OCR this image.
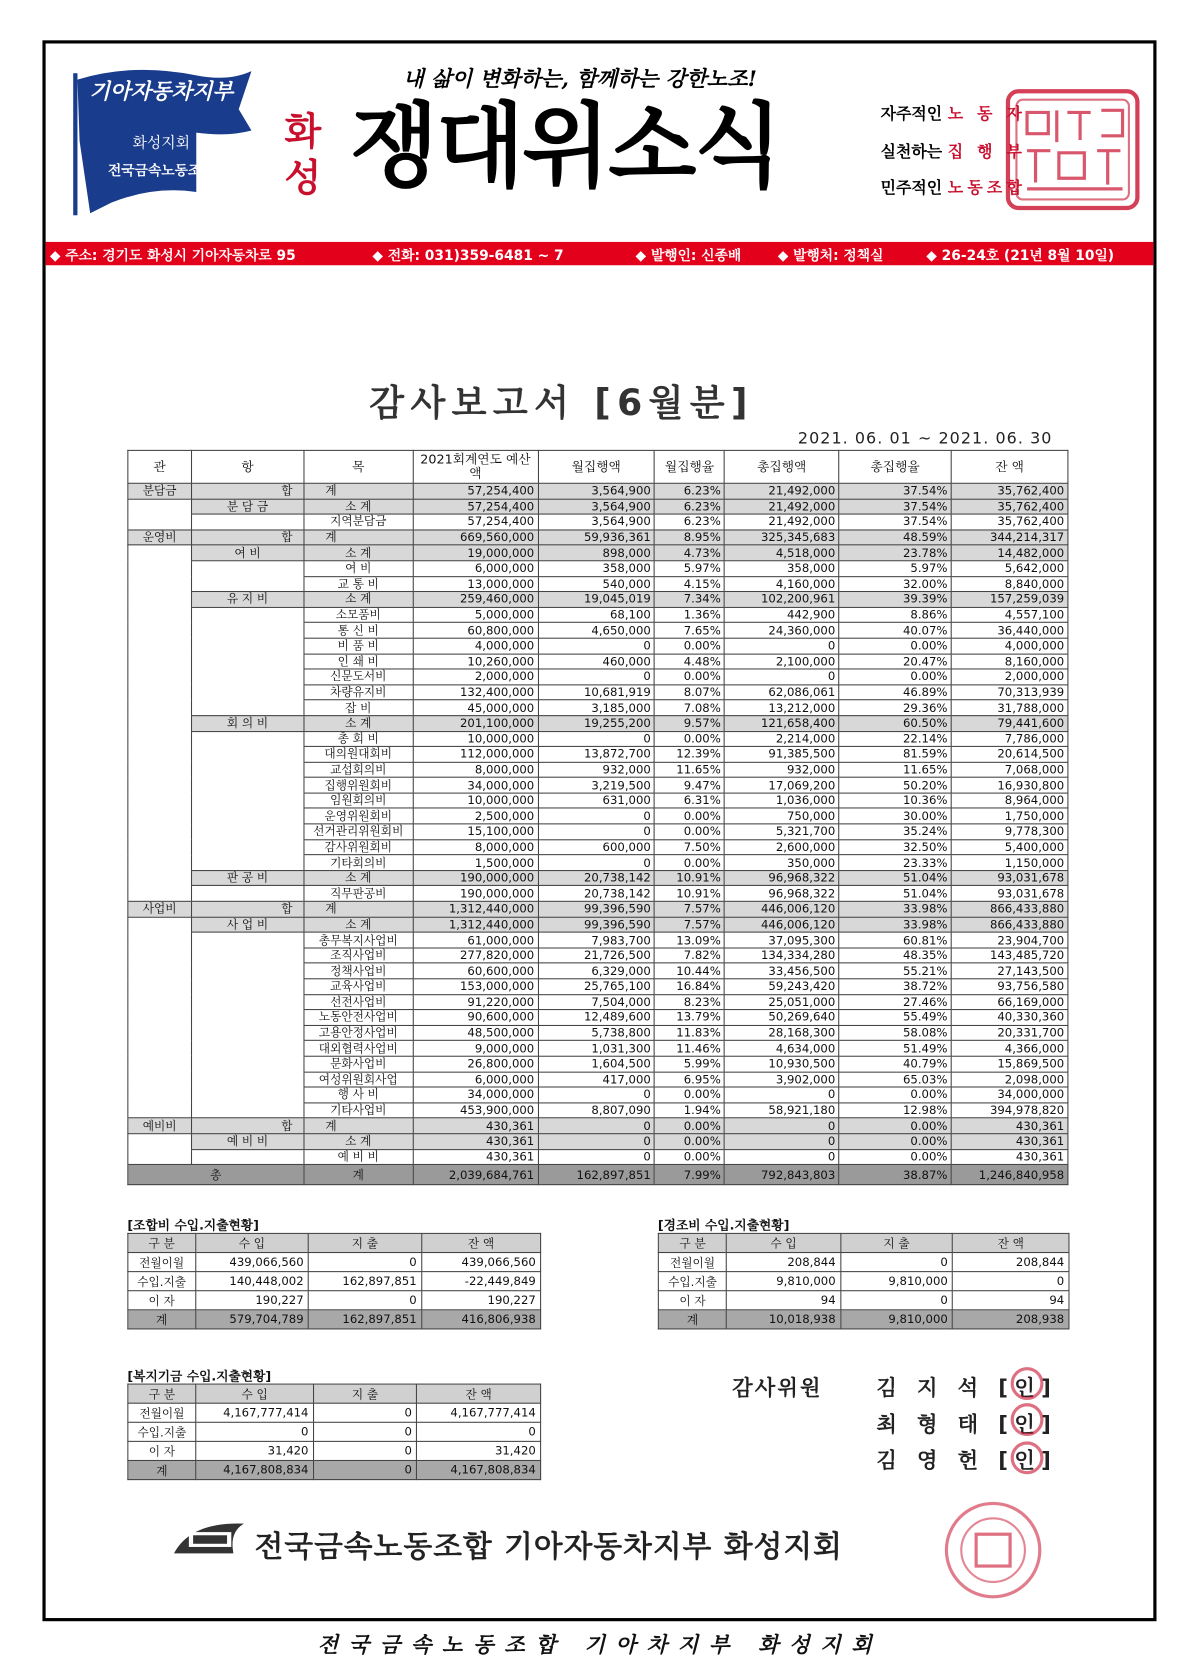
기아자동차지부
화성지회
전국금속노동조합
내 삶이 변화하는, 함께하는 강한노조!
화
성 쟁대위소식	자주적인 노 동 자
실천하는 집 행 부
민주적인 노동조합
◆ 주소: 경기도 화성시 기아자동차로 95	◆ 전화: 031)359-6481 ~ 7	◆ 발행인: 신종배	◆ 발행처: 정책실	◆ 26-24호 (21년 8월 10일)
감사보고서 [6월분]
2021. 06. 01 ~ 2021. 06. 30
관	항	목	2021회계연도 예산액	월집행액	월집행율	총집행액	총집행율	잔 액
분담금	합	계	57,254,400	3,564,900	6.23%	21,492,000	37.54%	35,762,400
	분 담 금	소 계	57,254,400	3,564,900	6.23%	21,492,000	37.54%	35,762,400
		지역분담금	57,254,400	3,564,900	6.23%	21,492,000	37.54%	35,762,400
운영비	합	계	669,560,000	59,936,361	8.95%	325,345,683	48.59%	344,214,317
	여 비	소 계	19,000,000	898,000	4.73%	4,518,000	23.78%	14,482,000
		여 비	6,000,000	358,000	5.97%	358,000	5.97%	5,642,000
		교 통 비	13,000,000	540,000	4.15%	4,160,000	32.00%	8,840,000
	유 지 비	소 계	259,460,000	19,045,019	7.34%	102,200,961	39.39%	157,259,039
		소모품비	5,000,000	68,100	1.36%	442,900	8.86%	4,557,100
		통 신 비	60,800,000	4,650,000	7.65%	24,360,000	40.07%	36,440,000
		비 품 비	4,000,000	0	0.00%	0	0.00%	4,000,000
		인 쇄 비	10,260,000	460,000	4.48%	2,100,000	20.47%	8,160,000
		신문도서비	2,000,000	0	0.00%	0	0.00%	2,000,000
		차량유지비	132,400,000	10,681,919	8.07%	62,086,061	46.89%	70,313,939
		잡 비	45,000,000	3,185,000	7.08%	13,212,000	29.36%	31,788,000
	회 의 비	소 계	201,100,000	19,255,200	9.57%	121,658,400	60.50%	79,441,600
		총 회 비	10,000,000	0	0.00%	2,214,000	22.14%	7,786,000
		대의원대회비	112,000,000	13,872,700	12.39%	91,385,500	81.59%	20,614,500
		교섭회의비	8,000,000	932,000	11.65%	932,000	11.65%	7,068,000
		집행위원회비	34,000,000	3,219,500	9.47%	17,069,200	50.20%	16,930,800
		임원회의비	10,000,000	631,000	6.31%	1,036,000	10.36%	8,964,000
		운영위원회비	2,500,000	0	0.00%	750,000	30.00%	1,750,000
		선거관리위원회비	15,100,000	0	0.00%	5,321,700	35.24%	9,778,300
		감사위원회비	8,000,000	600,000	7.50%	2,600,000	32.50%	5,400,000
		기타회의비	1,500,000	0	0.00%	350,000	23.33%	1,150,000
	판 공 비	소 계	190,000,000	20,738,142	10.91%	96,968,322	51.04%	93,031,678
		직무판공비	190,000,000	20,738,142	10.91%	96,968,322	51.04%	93,031,678
사업비	합	계	1,312,440,000	99,396,590	7.57%	446,006,120	33.98%	866,433,880
	사 업 비	소 계	1,312,440,000	99,396,590	7.57%	446,006,120	33.98%	866,433,880
		총무복지사업비	61,000,000	7,983,700	13.09%	37,095,300	60.81%	23,904,700
		조직사업비	277,820,000	21,726,500	7.82%	134,334,280	48.35%	143,485,720
		정책사업비	60,600,000	6,329,000	10.44%	33,456,500	55.21%	27,143,500
		교육사업비	153,000,000	25,765,100	16.84%	59,243,420	38.72%	93,756,580
		선전사업비	91,220,000	7,504,000	8.23%	25,051,000	27.46%	66,169,000
		노동안전사업비	90,600,000	12,489,600	13.79%	50,269,640	55.49%	40,330,360
		고용안정사업비	48,500,000	5,738,800	11.83%	28,168,300	58.08%	20,331,700
		대외협력사업비	9,000,000	1,031,300	11.46%	4,634,000	51.49%	4,366,000
		문화사업비	26,800,000	1,604,500	5.99%	10,930,500	40.79%	15,869,500
		여성위원회사업	6,000,000	417,000	6.95%	3,902,000	65.03%	2,098,000
		행 사 비	34,000,000	0	0.00%	0	0.00%	34,000,000
		기타사업비	453,900,000	8,807,090	1.94%	58,921,180	12.98%	394,978,820
예비비	합	계	430,361	0	0.00%	0	0.00%	430,361
	예 비 비	소 계	430,361	0	0.00%	0	0.00%	430,361
		예 비 비	430,361	0	0.00%	0	0.00%	430,361
총		계	2,039,684,761	162,897,851	7.99%	792,843,803	38.87%	1,246,840,958
[조합비 수입.지출현황]
구 분	수 입	지 출	잔 액
전월이월	439,066,560	0	439,066,560
수입.지출	140,448,002	162,897,851	-22,449,849
이 자	190,227	0	190,227
계	579,704,789	162,897,851	416,806,938
[경조비 수입.지출현황]
구 분	수 입	지 출	잔 액
전월이월	208,844	0	208,844
수입.지출	9,810,000	9,810,000	0
이 자	94	0	94
계	10,018,938	9,810,000	208,938
[복지기금 수입.지출현황]
구 분	수 입	지 출	잔 액
전월이월	4,167,777,414	0	4,167,777,414
수입.지출	0	0	0
이 자	31,420	0	31,420
계	4,167,808,834	0	4,167,808,834
감사위원	김 지 석 [인]
최 형 태 [인]
김 영 헌 [인]
전국금속노동조합 기아자동차지부 화성지회
전국금속노동조합 기아차지부 화성지회
